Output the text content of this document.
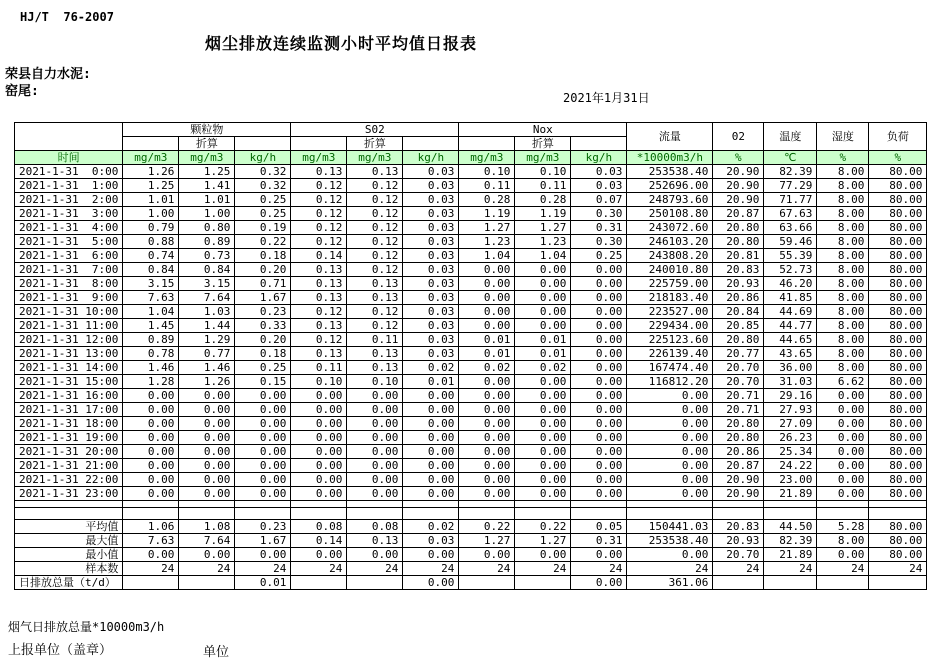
HJ/T  76-2007
烟尘排放连续监测小时平均值日报表
荣县自力水泥:
窑尾:	2021年1月31日
	颗粒物			S02			Nox			流量	02	温度	湿度	负荷
		折算			折算			折算						
时间	mg/m3	mg/m3	kg/h	mg/m3	mg/m3	kg/h	mg/m3	mg/m3	kg/h	*10000m3/h	%	℃	%	%
2021-1-31  0:00	1.26	1.25	0.32	0.13	0.13	0.03	0.10	0.10	0.03	253538.40	20.90	82.39	8.00	80.00
2021-1-31  1:00	1.25	1.41	0.32	0.12	0.12	0.03	0.11	0.11	0.03	252696.00	20.90	77.29	8.00	80.00
2021-1-31  2:00	1.01	1.01	0.25	0.12	0.12	0.03	0.28	0.28	0.07	248793.60	20.90	71.77	8.00	80.00
2021-1-31  3:00	1.00	1.00	0.25	0.12	0.12	0.03	1.19	1.19	0.30	250108.80	20.87	67.63	8.00	80.00
2021-1-31  4:00	0.79	0.80	0.19	0.12	0.12	0.03	1.27	1.27	0.31	243072.60	20.80	63.66	8.00	80.00
2021-1-31  5:00	0.88	0.89	0.22	0.12	0.12	0.03	1.23	1.23	0.30	246103.20	20.80	59.46	8.00	80.00
2021-1-31  6:00	0.74	0.73	0.18	0.14	0.12	0.03	1.04	1.04	0.25	243808.20	20.81	55.39	8.00	80.00
2021-1-31  7:00	0.84	0.84	0.20	0.13	0.12	0.03	0.00	0.00	0.00	240010.80	20.83	52.73	8.00	80.00
2021-1-31  8:00	3.15	3.15	0.71	0.13	0.13	0.03	0.00	0.00	0.00	225759.00	20.93	46.20	8.00	80.00
2021-1-31  9:00	7.63	7.64	1.67	0.13	0.13	0.03	0.00	0.00	0.00	218183.40	20.86	41.85	8.00	80.00
2021-1-31 10:00	1.04	1.03	0.23	0.12	0.12	0.03	0.00	0.00	0.00	223527.00	20.84	44.69	8.00	80.00
2021-1-31 11:00	1.45	1.44	0.33	0.13	0.12	0.03	0.00	0.00	0.00	229434.00	20.85	44.77	8.00	80.00
2021-1-31 12:00	0.89	1.29	0.20	0.12	0.11	0.03	0.01	0.01	0.00	225123.60	20.80	44.65	8.00	80.00
2021-1-31 13:00	0.78	0.77	0.18	0.13	0.13	0.03	0.01	0.01	0.00	226139.40	20.77	43.65	8.00	80.00
2021-1-31 14:00	1.46	1.46	0.25	0.11	0.13	0.02	0.02	0.02	0.00	167474.40	20.70	36.00	8.00	80.00
2021-1-31 15:00	1.28	1.26	0.15	0.10	0.10	0.01	0.00	0.00	0.00	116812.20	20.70	31.03	6.62	80.00
2021-1-31 16:00	0.00	0.00	0.00	0.00	0.00	0.00	0.00	0.00	0.00	0.00	20.71	29.16	0.00	80.00
2021-1-31 17:00	0.00	0.00	0.00	0.00	0.00	0.00	0.00	0.00	0.00	0.00	20.71	27.93	0.00	80.00
2021-1-31 18:00	0.00	0.00	0.00	0.00	0.00	0.00	0.00	0.00	0.00	0.00	20.80	27.09	0.00	80.00
2021-1-31 19:00	0.00	0.00	0.00	0.00	0.00	0.00	0.00	0.00	0.00	0.00	20.80	26.23	0.00	80.00
2021-1-31 20:00	0.00	0.00	0.00	0.00	0.00	0.00	0.00	0.00	0.00	0.00	20.86	25.34	0.00	80.00
2021-1-31 21:00	0.00	0.00	0.00	0.00	0.00	0.00	0.00	0.00	0.00	0.00	20.87	24.22	0.00	80.00
2021-1-31 22:00	0.00	0.00	0.00	0.00	0.00	0.00	0.00	0.00	0.00	0.00	20.90	23.00	0.00	80.00
2021-1-31 23:00	0.00	0.00	0.00	0.00	0.00	0.00	0.00	0.00	0.00	0.00	20.90	21.89	0.00	80.00

平均值	1.06	1.08	0.23	0.08	0.08	0.02	0.22	0.22	0.05	150441.03	20.83	44.50	5.28	80.00
最大值	7.63	7.64	1.67	0.14	0.13	0.03	1.27	1.27	0.31	253538.40	20.93	82.39	8.00	80.00
最小值	0.00	0.00	0.00	0.00	0.00	0.00	0.00	0.00	0.00	0.00	20.70	21.89	0.00	80.00
样本数	24	24	24	24	24	24	24	24	24	24	24	24	24	24
日排放总量（t/d）			0.01			0.00			0.00	361.06				
烟气日排放总量*10000m3/h
上报单位（盖章）	单位
